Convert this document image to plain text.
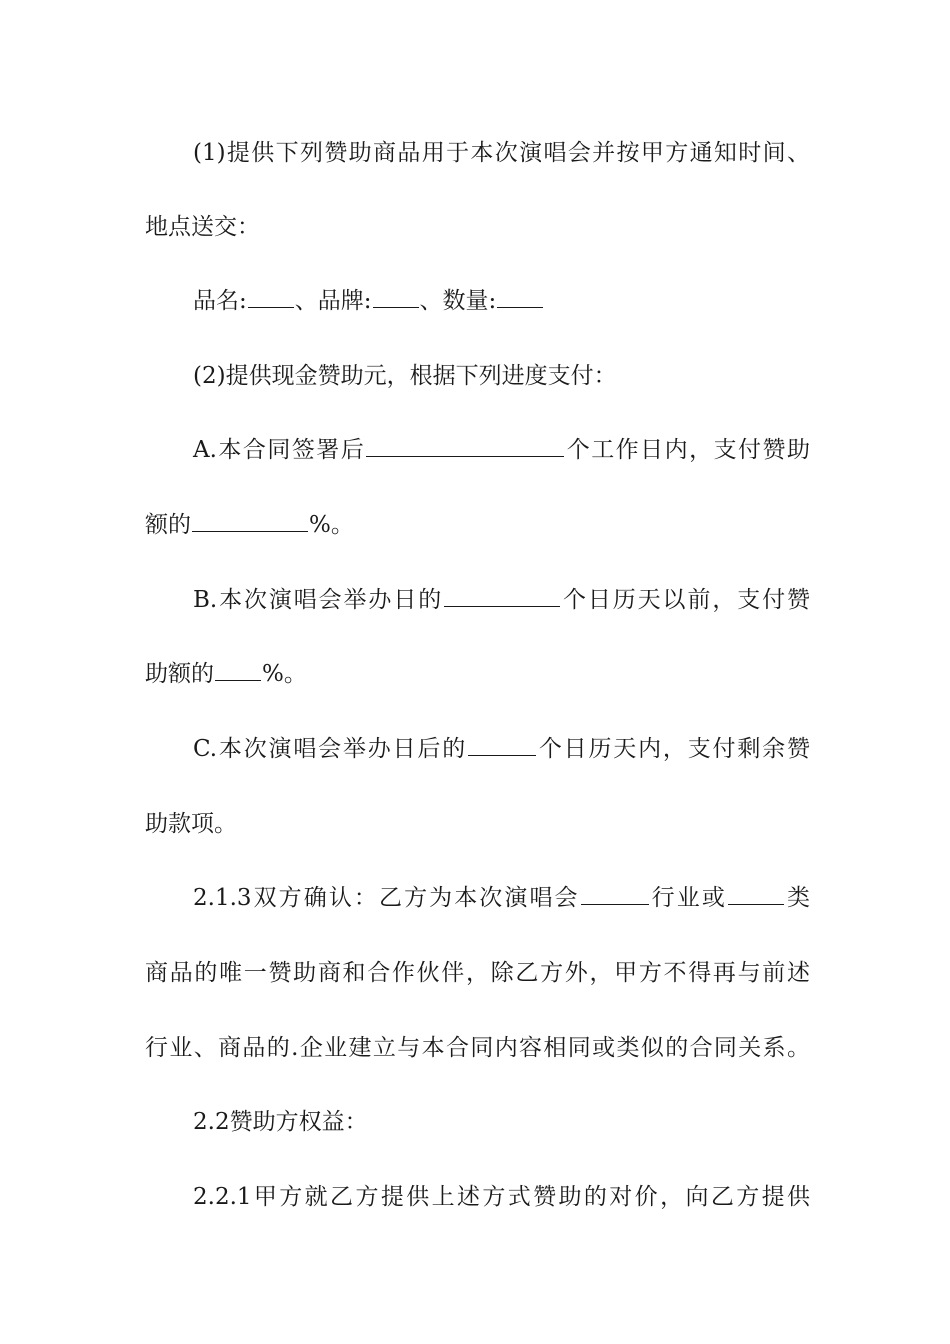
(1)提供下列赞助商品用于本次演唱会并按甲方通知时间、
地点送交：
品名: 、品牌: 、数量:
(2)提供现金赞助元，根据下列进度支付：
A.本合同签署后	个工作日内，支付赞助
额的	%。
B.本次演唱会举办日的	个日历天以前，支付赞
助额的 %。
C.本次演唱会举办日后的	个日历天内，支付剩余赞
助款项。
2.1.3双方确认：乙方为本次演唱会	行业或	类
商品的唯一赞助商和合作伙伴，除乙方外，甲方不得再与前述
行业、商品的.企业建立与本合同内容相同或类似的合同关系。
2.2赞助方权益：
2.2.1甲方就乙方提供上述方式赞助的对价，向乙方提供
